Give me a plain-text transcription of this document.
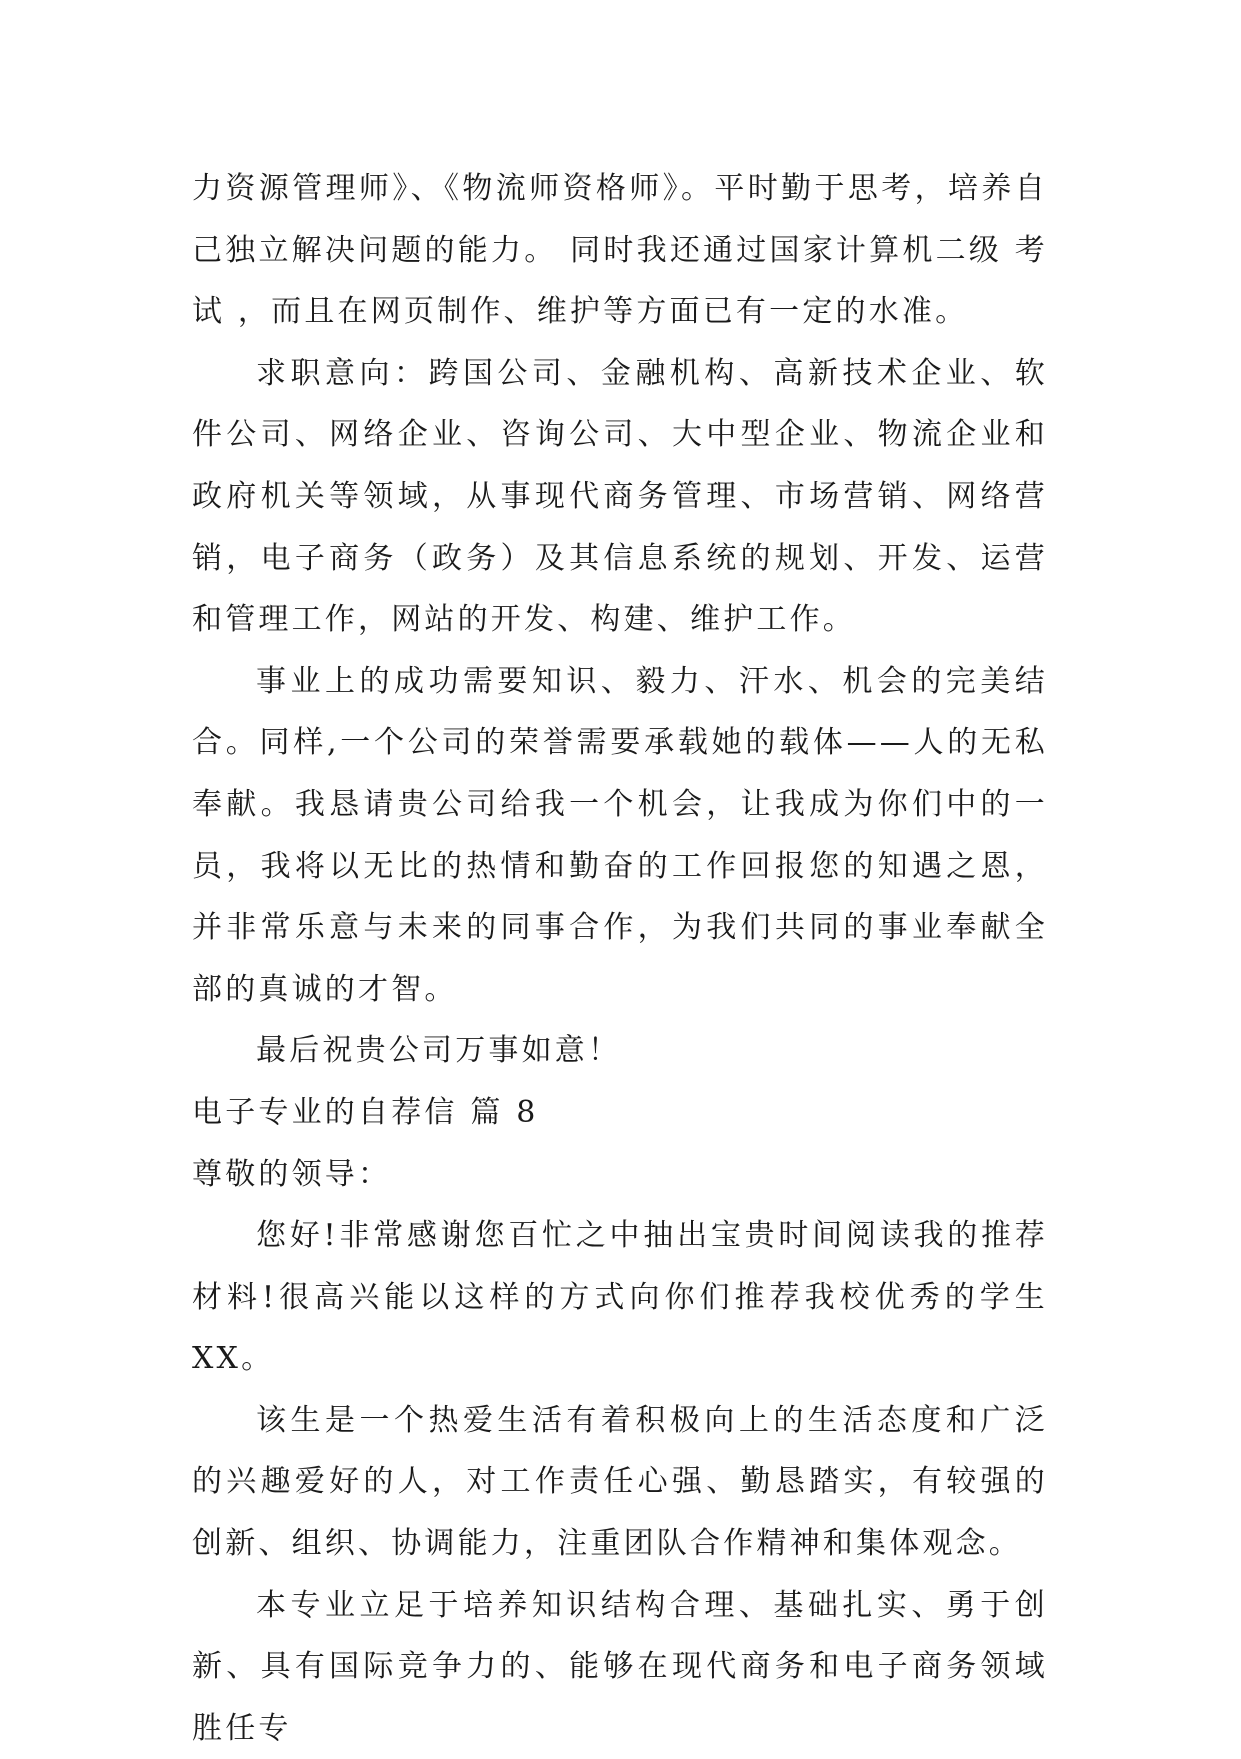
力资源管理师》、《物流师资格师》。平时勤于思考，培养自己独立解决问题的能力。 同时我还通过国家计算机二级 考试 ，而且在网页制作、维护等方面已有一定的水准。

求职意向：跨国公司、金融机构、高新技术企业、软件公司、网络企业、咨询公司、大中型企业、物流企业和政府机关等领域，从事现代商务管理、市场营销、网络营销，电子商务（政务）及其信息系统的规划、开发、运营和管理工作，网站的开发、构建、维护工作。

事业上的成功需要知识、毅力、汗水、机会的完美结合。同样,一个公司的荣誉需要承载她的载体——人的无私奉献。我恳请贵公司给我一个机会，让我成为你们中的一员，我将以无比的热情和勤奋的工作回报您的知遇之恩，并非常乐意与未来的同事合作，为我们共同的事业奉献全部的真诚的才智。

最后祝贵公司万事如意！

电子专业的自荐信 篇 8

尊敬的领导：

您好!非常感谢您百忙之中抽出宝贵时间阅读我的推荐材料!很高兴能以这样的方式向你们推荐我校优秀的学生 XX。

该生是一个热爱生活有着积极向上的生活态度和广泛的兴趣爱好的人，对工作责任心强、勤恳踏实，有较强的创新、组织、协调能力，注重团队合作精神和集体观念。

本专业立足于培养知识结构合理、基础扎实、勇于创新、具有国际竞争力的、能够在现代商务和电子商务领域胜任专
